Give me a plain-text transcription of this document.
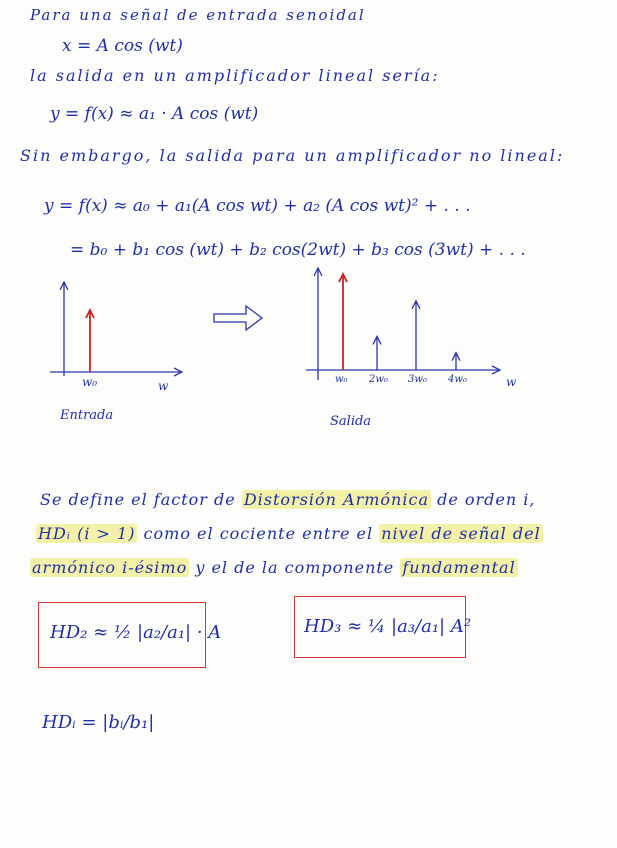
Para una señal de entrada senoidal
x = A cos (wt)
la salida en un amplificador lineal sería:
y = f(x) ≈ a₁ · A cos (wt)
Sin embargo, la salida para un amplificador no lineal:
y = f(x) ≈ a₀ + a₁(A cos wt) + a₂ (A cos wt)² + . . .
= b₀ + b₁ cos (wt) + b₂ cos(2wt) + b₃ cos (3wt) + . . .
w₀	w₀ 2w₀ 3w₀ 4w₀
w	w
Entrada	Salida
Se define el factor de Distorsión Armónica de orden i,
HDᵢ (i > 1) como el cociente entre el nivel de señal del
armónico i-ésimo y el de la componente fundamental
HD₂ ≈ ½ |a₂/a₁| · A	HD₃ ≈ ¼ |a₃/a₁| A²
HDᵢ = |bᵢ/b₁|
